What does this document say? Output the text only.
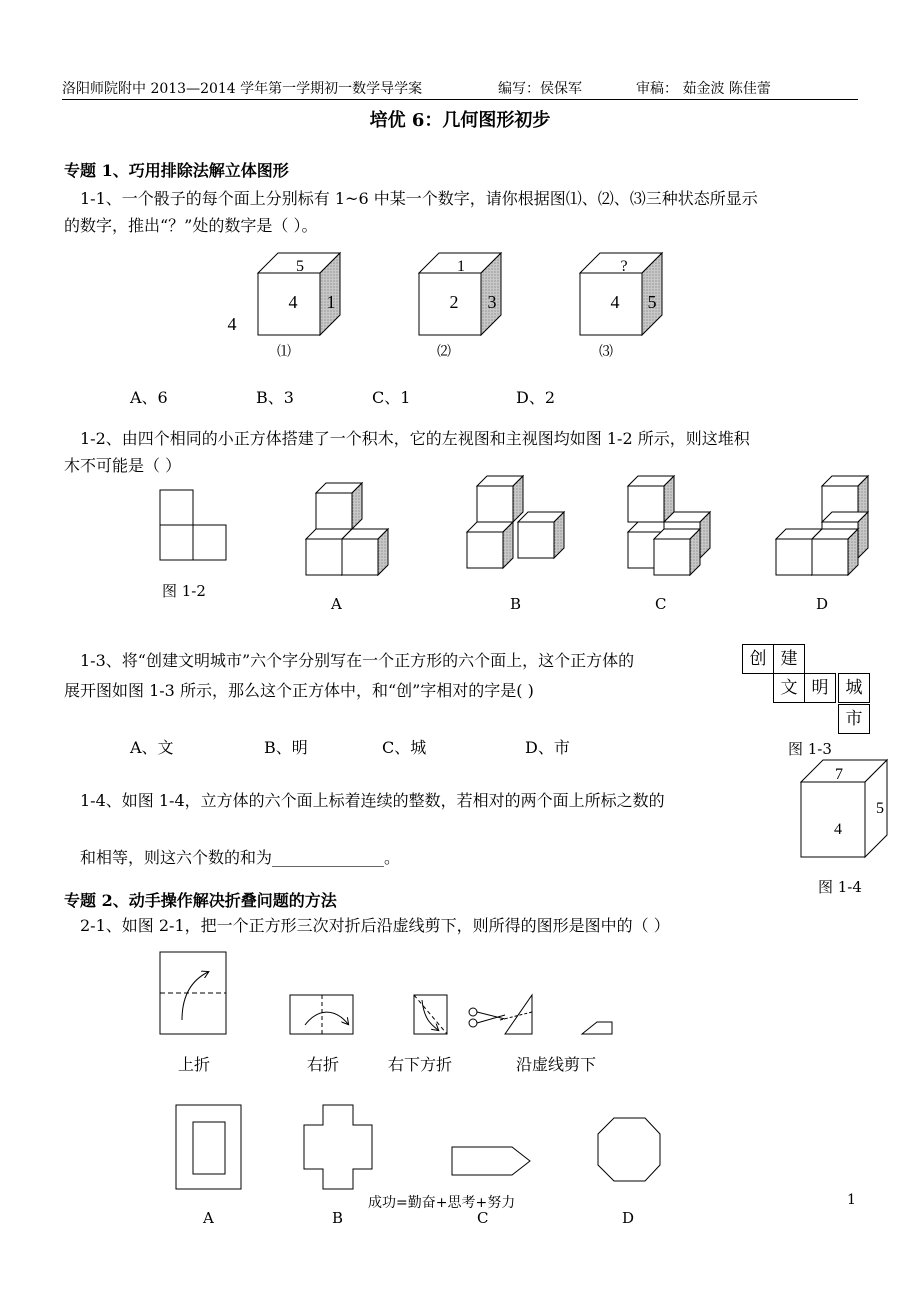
洛阳师院附中 2013—2014 学年第一学期初一数学导学案	编写：侯保军	审稿： 茹金波 陈佳蕾
培优 6：几何图形初步
专题 1、巧用排除法解立体图形
1-1、一个骰子的每个面上分别标有 1~6 中某一个数字，请你根据图⑴、⑵、⑶三种状态所显示
的数字，推出“？”处的数字是（ ）。
5
4 1
1
2 3
?
4 5
4
⑴	⑵	⑶
A、6	B、3	C、1	D、2
1-2、由四个相同的小正方体搭建了一个积木，它的左视图和主视图均如图 1-2 所示，则这堆积
木不可能是（ ）
图 1-2
A	B	C	D
1-3、将“创建文明城市”六个字分别写在一个正方形的六个面上，这个正方体的
展开图如图 1-3 所示，那么这个正方体中，和“创”字相对的字是( )
创 建
文 明	城
市
图 1-3
A、文	B、明	C、城	D、市
1-4、如图 1-4，立方体的六个面上标着连续的整数，若相对的两个面上所标之数的
和相等，则这六个数的和为______________。
7
4
5
图 1-4
专题 2、动手操作解决折叠问题的方法
2-1、如图 2-1，把一个正方形三次对折后沿虚线剪下，则所得的图形是图中的（ ）
上折	右折	右下方折	沿虚线剪下
A	B	C	D
成功=勤奋+思考+努力	1
